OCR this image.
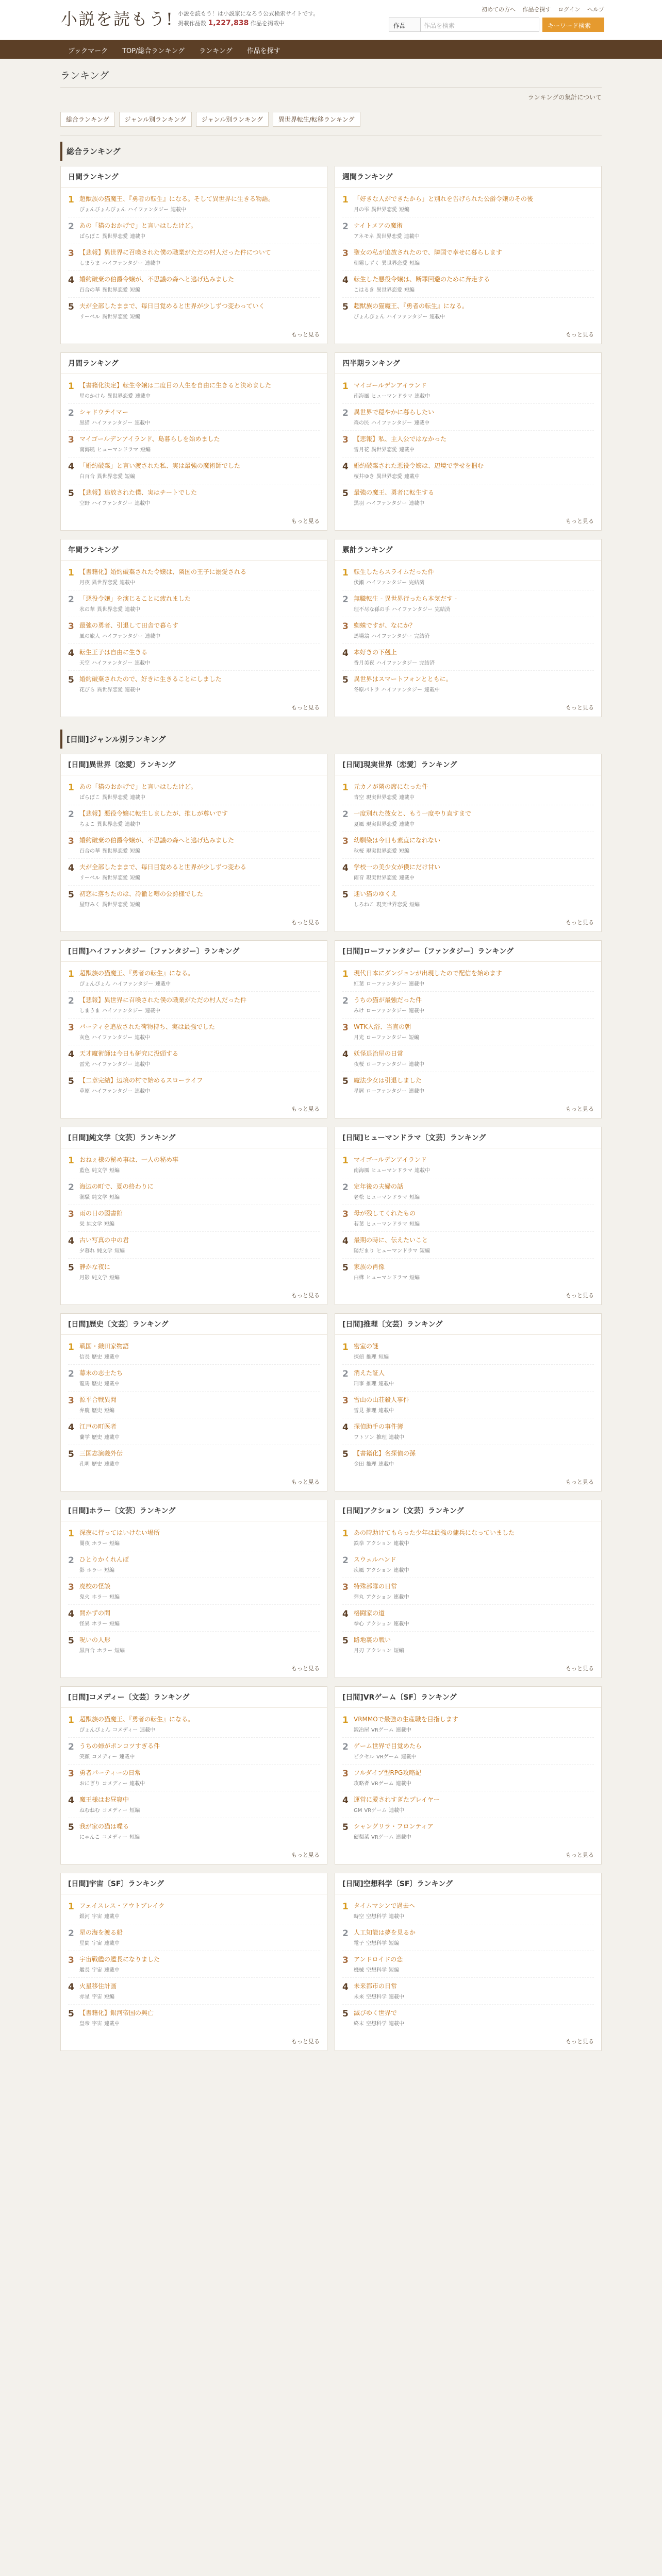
小説を読もう! 小説を読もう！は小説家になろう公式検索サイトです。
掲載作品数 1,227,838 作品を掲載中
初めての方へ 作品を探す ログイン ヘルプ
作品	作品を検索	キーワード検索
ブックマーク	TOP/総合ランキング	ランキング	作品を探す
ランキング
ランキングの集計について
総合ランキング	ジャンル別ランキング	ジャンル別ランキング	異世界転生/転移ランキング
総合ランキング
日間ランキング
1 超獣族の猫魔王、『勇者の転生』になる。そして異世界に生きる物語。
ぴょんぴょんぴょん ハイファンタジー 連載中
2 あの「猫のおかげで」と言いはしたけど。
ぱらぼこ 異世界恋愛 連載中
3 【悲報】異世界に召喚された僕の職業がただの村人だった件について
しまうま ハイファンタジー 連載中
4 婚約破棄の伯爵令嬢が、不思議の森へと逃げ込みました
百合の華 異世界恋愛 短編
5 夫が全部したままで、毎日目覚めると世界が少しずつ変わっていく
リーベル 異世界恋愛 短編
もっと見る
週間ランキング
1 「好きな人ができたから」と別れを告げられた公爵令嬢のその後
月の雫 異世界恋愛 短編
2 ナイトメアの魔術
アネモネ 異世界恋愛 連載中
3 聖女の私が追放されたので、隣国で幸せに暮らします
朝霧しずく 異世界恋愛 短編
4 転生した悪役令嬢は、断罪回避のために奔走する
こはるき 異世界恋愛 短編
5 超獣族の猫魔王、『勇者の転生』になる。
ぴょんぴょん ハイファンタジー 連載中
もっと見る
月間ランキング
1 【書籍化決定】転生令嬢は二度目の人生を自由に生きると決めました
星のかけら 異世界恋愛 連載中
2 シャドウテイマー
黒猫 ハイファンタジー 連載中
3 マイゴールデンアイランド、島暮らしを始めました
南海風 ヒューマンドラマ 短編
4 「婚約破棄」と言い渡された私、実は最強の魔術師でした
白百合 異世界恋愛 短編
5 【悲報】追放された僕、実はチートでした
空野 ハイファンタジー 連載中
もっと見る
四半期ランキング
1 マイゴールデンアイランド
南海風 ヒューマンドラマ 連載中
2 異世界で穏やかに暮らしたい
森の民 ハイファンタジー 連載中
3 【悲報】私、主人公ではなかった
雪月花 異世界恋愛 連載中
4 婚約破棄された悪役令嬢は、辺境で幸せを掴む
桜井ゆき 異世界恋愛 連載中
5 最強の魔王、勇者に転生する
黒羽 ハイファンタジー 連載中
もっと見る
年間ランキング
1 【書籍化】婚約破棄された令嬢は、隣国の王子に溺愛される
月夜 異世界恋愛 連載中
2 「悪役令嬢」を演じることに疲れました
氷の華 異世界恋愛 連載中
3 最強の勇者、引退して田舎で暮らす
風の旅人 ハイファンタジー 連載中
4 転生王子は自由に生きる
天空 ハイファンタジー 連載中
5 婚約破棄されたので、好きに生きることにしました
花びら 異世界恋愛 連載中
もっと見る
累計ランキング
1 転生したらスライムだった件
伏瀬 ハイファンタジー 完結済
2 無職転生 - 異世界行ったら本気だす -
理不尽な孫の手 ハイファンタジー 完結済
3 蜘蛛ですが、なにか？
馬場翁 ハイファンタジー 完結済
4 本好きの下剋上
香月美夜 ハイファンタジー 完結済
5 異世界はスマートフォンとともに。
冬原パトラ ハイファンタジー 連載中
もっと見る
[日間]ジャンル別ランキング
[日間]異世界〔恋愛〕ランキング
1 あの「猫のおかげで」と言いはしたけど。
ぱらぼこ 異世界恋愛 連載中
2 【悲報】悪役令嬢に転生しましたが、推しが尊いです
ちよこ 異世界恋愛 連載中
3 婚約破棄の伯爵令嬢が、不思議の森へと逃げ込みました
百合の華 異世界恋愛 短編
4 夫が全部したままで、毎日目覚めると世界が少しずつ変わる
リーベル 異世界恋愛 短編
5 初恋に落ちたのは、冷徹と噂の公爵様でした
星野みく 異世界恋愛 短編
もっと見る
[日間]現実世界〔恋愛〕ランキング
1 元カノが隣の席になった件
青空 現実世界恋愛 連載中
2 一度別れた彼女と、もう一度やり直すまで
夏風 現実世界恋愛 連載中
3 幼馴染は今日も素直になれない
秋桜 現実世界恋愛 短編
4 学校一の美少女が僕にだけ甘い
雨音 現実世界恋愛 連載中
5 迷い猫のゆくえ
しろねこ 現実世界恋愛 短編
もっと見る
[日間]ハイファンタジー〔ファンタジー〕ランキング
1 超獣族の猫魔王、『勇者の転生』になる。
ぴょんぴょん ハイファンタジー 連載中
2 【悲報】異世界に召喚された僕の職業がただの村人だった件
しまうま ハイファンタジー 連載中
3 パーティを追放された荷物持ち、実は最強でした
灰色 ハイファンタジー 連載中
4 天才魔術師は今日も研究に没頭する
雷光 ハイファンタジー 連載中
5 【二章完結】辺境の村で始めるスローライフ
草原 ハイファンタジー 連載中
もっと見る
[日間]ローファンタジー〔ファンタジー〕ランキング
1 現代日本にダンジョンが出現したので配信を始めます
紅葉 ローファンタジー 連載中
2 うちの猫が最強だった件
みけ ローファンタジー 連載中
3 WTK入浴、当直の朝
月光 ローファンタジー 短編
4 妖怪退治屋の日常
夜桜 ローファンタジー 連載中
5 魔法少女は引退しました
星屑 ローファンタジー 連載中
もっと見る
[日間]純文学〔文芸〕ランキング
1 おねぇ様の秘め事は、一人の秘め事
藍色 純文学 短編
2 海辺の町で、夏の終わりに
潮騒 純文学 短編
3 雨の日の図書館
栞 純文学 短編
4 古い写真の中の君
夕暮れ 純文学 短編
5 静かな夜に
月影 純文学 短編
もっと見る
[日間]ヒューマンドラマ〔文芸〕ランキング
1 マイゴールデンアイランド
南海風 ヒューマンドラマ 連載中
2 定年後の夫婦の話
老松 ヒューマンドラマ 短編
3 母が残してくれたもの
若葉 ヒューマンドラマ 短編
4 最期の時に、伝えたいこと
陽だまり ヒューマンドラマ 短編
5 家族の肖像
白樺 ヒューマンドラマ 短編
もっと見る
[日間]歴史〔文芸〕ランキング
1 戦国・織田家物語
信長 歴史 連載中
2 幕末の志士たち
龍馬 歴史 連載中
3 源平合戦異聞
弁慶 歴史 短編
4 江戸の町医者
蘭学 歴史 連載中
5 三国志演義外伝
孔明 歴史 連載中
もっと見る
[日間]推理〔文芸〕ランキング
1 密室の謎
探偵 推理 短編
2 消えた証人
刑事 推理 連載中
3 雪山の山荘殺人事件
雪見 推理 連載中
4 探偵助手の事件簿
ワトソン 推理 連載中
5 【書籍化】名探偵の孫
金田 推理 連載中
もっと見る
[日間]ホラー〔文芸〕ランキング
1 深夜に行ってはいけない場所
闇夜 ホラー 短編
2 ひとりかくれんぼ
影 ホラー 短編
3 廃校の怪談
鬼火 ホラー 短編
4 開かずの間
怪異 ホラー 短編
5 呪いの人形
黒百合 ホラー 短編
もっと見る
[日間]アクション〔文芸〕ランキング
1 あの時助けてもらった少年は最強の傭兵になっていました
鉄拳 アクション 連載中
2 スウェルハンド
疾風 アクション 連載中
3 特殊部隊の日常
弾丸 アクション 連載中
4 格闘家の道
拳心 アクション 連載中
5 路地裏の戦い
月刃 アクション 短編
もっと見る
[日間]コメディー〔文芸〕ランキング
1 超獣族の猫魔王、『勇者の転生』になる。
ぴょんぴょん コメディー 連載中
2 うちの姉がポンコツすぎる件
笑顔 コメディー 連載中
3 勇者パーティーの日常
おにぎり コメディー 連載中
4 魔王様はお昼寝中
ねむねむ コメディー 短編
5 我が家の猫は喋る
にゃんこ コメディー 短編
もっと見る
[日間]VRゲーム〔SF〕ランキング
1 VRMMOで最強の生産職を目指します
鍛冶屋 VRゲーム 連載中
2 ゲーム世界で目覚めたら
ピクセル VRゲーム 連載中
3 フルダイブ型RPG攻略記
攻略者 VRゲーム 連載中
4 運営に愛されすぎたプレイヤー
GM VRゲーム 連載中
5 シャングリラ・フロンティア
硬梨菜 VRゲーム 連載中
もっと見る
[日間]宇宙〔SF〕ランキング
1 フェイスレス・アウトブレイク
銀河 宇宙 連載中
2 星の海を渡る船
星間 宇宙 連載中
3 宇宙戦艦の艦長になりました
艦長 宇宙 連載中
4 火星移住計画
赤星 宇宙 短編
5 【書籍化】銀河帝国の興亡
皇帝 宇宙 連載中
もっと見る
[日間]空想科学〔SF〕ランキング
1 タイムマシンで過去へ
時空 空想科学 連載中
2 人工知能は夢を見るか
電子 空想科学 短編
3 アンドロイドの恋
機械 空想科学 短編
4 未来都市の日常
未来 空想科学 連載中
5 滅びゆく世界で
終末 空想科学 連載中
もっと見る
